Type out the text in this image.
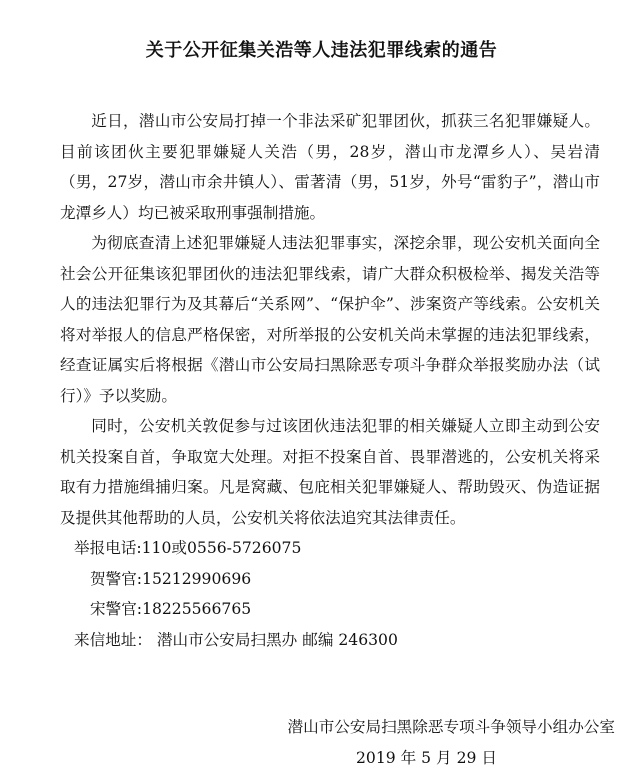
关于公开征集关浩等人违法犯罪线索的通告

近日，潜山市公安局打掉一个非法采矿犯罪团伙，抓获三名犯罪嫌疑人。目前该团伙主要犯罪嫌疑人关浩（男，28岁，潜山市龙潭乡人）、吴岩清（男，27岁，潜山市余井镇人）、雷著清（男，51岁，外号“雷豹子”，潜山市龙潭乡人）均已被采取刑事强制措施。

为彻底查清上述犯罪嫌疑人违法犯罪事实，深挖余罪，现公安机关面向全社会公开征集该犯罪团伙的违法犯罪线索，请广大群众积极检举、揭发关浩等人的违法犯罪行为及其幕后“关系网”、“保护伞”、涉案资产等线索。公安机关将对举报人的信息严格保密，对所举报的公安机关尚未掌握的违法犯罪线索，经查证属实后将根据《潜山市公安局扫黑除恶专项斗争群众举报奖励办法（试行）》予以奖励。

同时，公安机关敦促参与过该团伙违法犯罪的相关嫌疑人立即主动到公安机关投案自首，争取宽大处理。对拒不投案自首、畏罪潜逃的，公安机关将采取有力措施缉捕归案。凡是窝藏、包庇相关犯罪嫌疑人、帮助毁灭、伪造证据及提供其他帮助的人员，公安机关将依法追究其法律责任。

举报电话:110或0556-5726075

贺警官:15212990696

宋警官:18225566765

来信地址： 潜山市公安局扫黑办 邮编 246300

潜山市公安局扫黑除恶专项斗争领导小组办公室
2019 年 5 月 29 日
